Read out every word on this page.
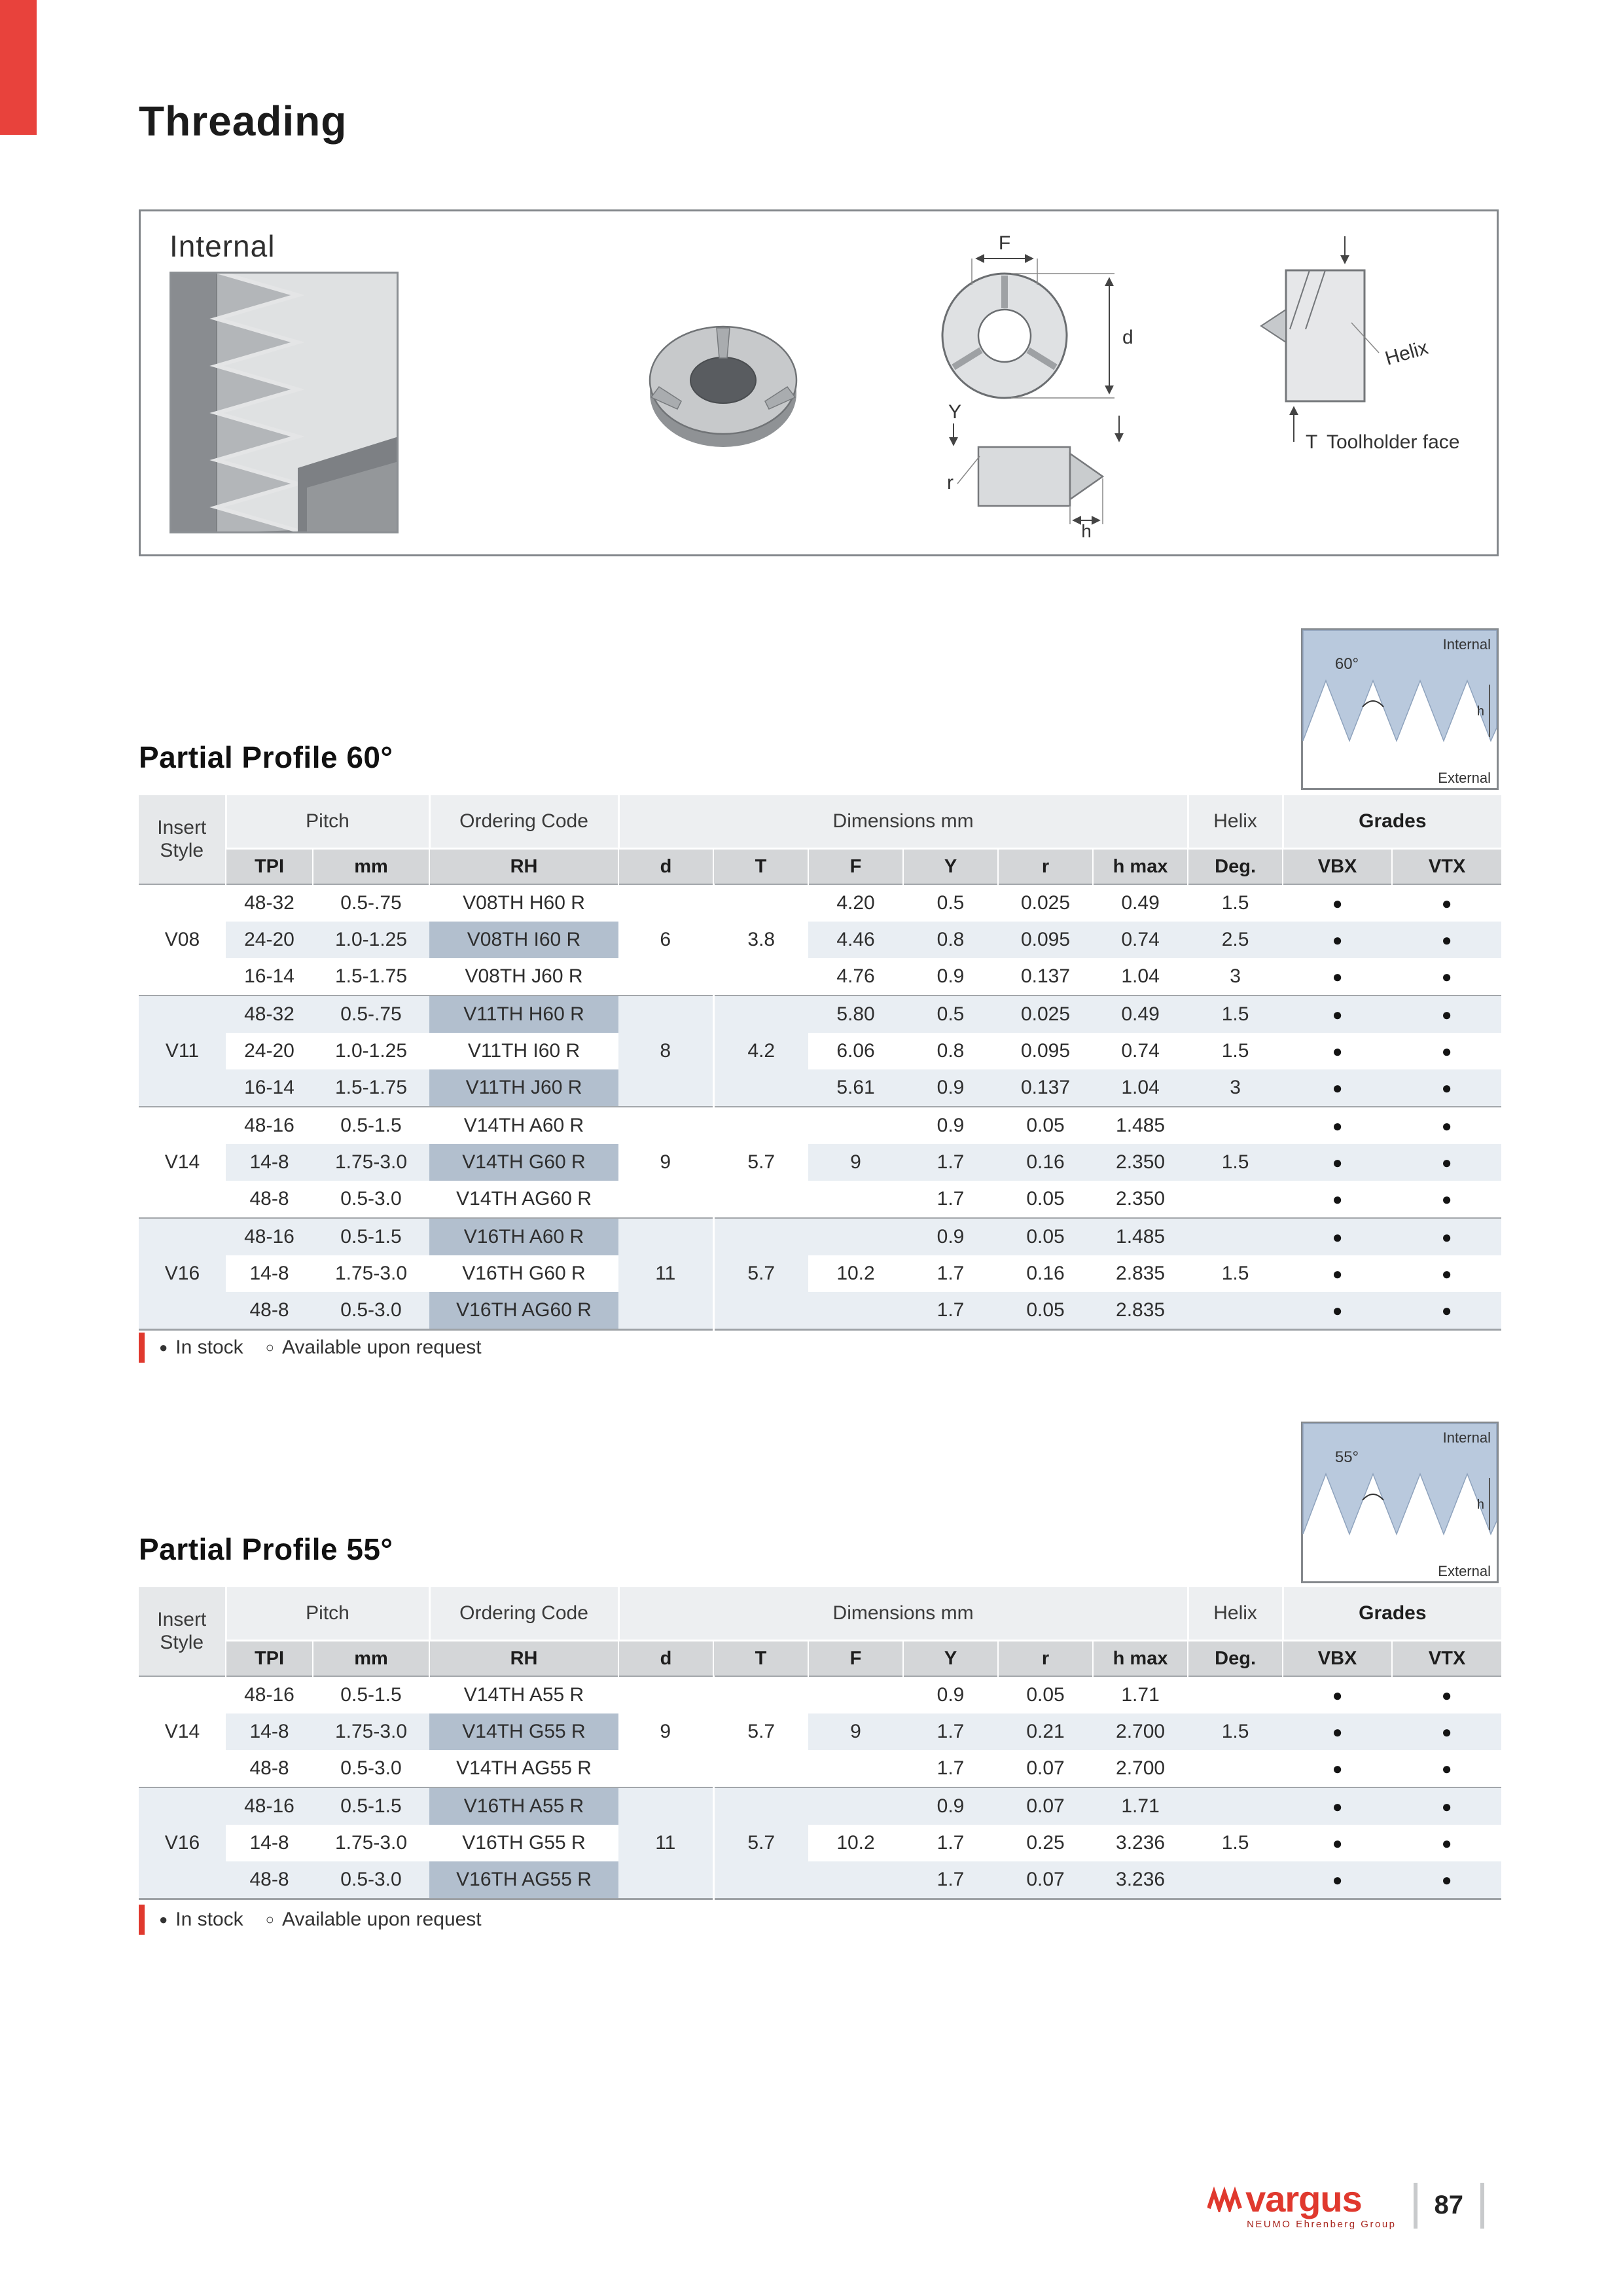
Threading
Internal	F
d	Helix
T Toolholder face
Y
r
h
60°
Internal
External
h
Partial Profile 60°
Insert Style	Pitch		Ordering Code	Dimensions mm						Helix	Grades	
	TPI	mm	RH	d	T	F	Y	r	h max	Deg.	VBX	VTX
V08	48-32	0.5-.75	V08TH H60 R	6	3.8	4.20	0.5	0.025	0.49	1.5	●	●
	24-20	1.0-1.25	V08TH I60 R			4.46	0.8	0.095	0.74	2.5	●	●
	16-14	1.5-1.75	V08TH J60 R			4.76	0.9	0.137	1.04	3	●	●
V11	48-32	0.5-.75	V11TH H60 R	8	4.2	5.80	0.5	0.025	0.49	1.5	●	●
	24-20	1.0-1.25	V11TH I60 R			6.06	0.8	0.095	0.74	1.5	●	●
	16-14	1.5-1.75	V11TH J60 R			5.61	0.9	0.137	1.04	3	●	●
V14	48-16	0.5-1.5	V14TH A60 R	9	5.7		0.9	0.05	1.485		●	●
	14-8	1.75-3.0	V14TH G60 R			9	1.7	0.16	2.350	1.5	●	●
	48-8	0.5-3.0	V14TH AG60 R				1.7	0.05	2.350		●	●
V16	48-16	0.5-1.5	V16TH A60 R	11	5.7		0.9	0.05	1.485		●	●
	14-8	1.75-3.0	V16TH G60 R			10.2	1.7	0.16	2.835	1.5	●	●
	48-8	0.5-3.0	V16TH AG60 R				1.7	0.05	2.835		●	●
● In stock ○ Available upon request
55°
Internal
External
h
Partial Profile 55°
Insert Style	Pitch		Ordering Code	Dimensions mm						Helix	Grades	
	TPI	mm	RH	d	T	F	Y	r	h max	Deg.	VBX	VTX
V14	48-16	0.5-1.5	V14TH A55 R	9	5.7		0.9	0.05	1.71		●	●
	14-8	1.75-3.0	V14TH G55 R			9	1.7	0.21	2.700	1.5	●	●
	48-8	0.5-3.0	V14TH AG55 R				1.7	0.07	2.700		●	●
V16	48-16	0.5-1.5	V16TH A55 R	11	5.7		0.9	0.07	1.71		●	●
	14-8	1.75-3.0	V16TH G55 R			10.2	1.7	0.25	3.236	1.5	●	●
	48-8	0.5-3.0	V16TH AG55 R				1.7	0.07	3.236		●	●
● In stock ○ Available upon request
vargus
NEUMO Ehrenberg Group
87
